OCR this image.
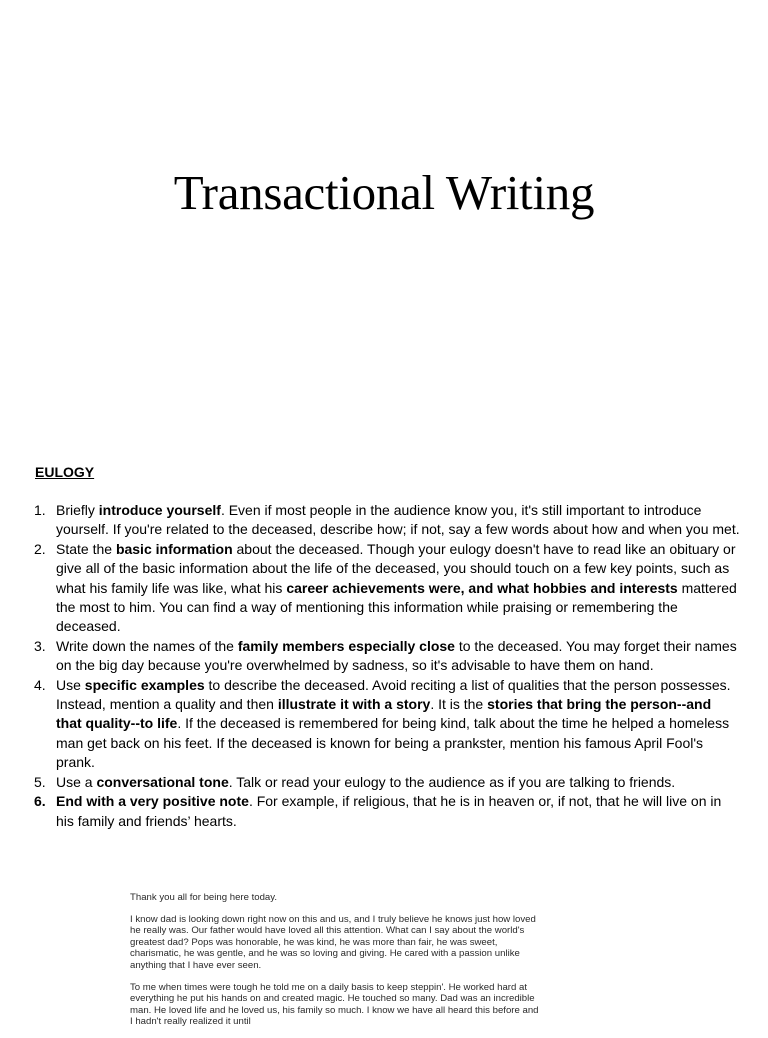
Transactional Writing
EULOGY
1. Briefly introduce yourself. Even if most people in the audience know you, it's still important to introduce yourself. If you're related to the deceased, describe how; if not, say a few words about how and when you met.
2. State the basic information about the deceased. Though your eulogy doesn't have to read like an obituary or give all of the basic information about the life of the deceased, you should touch on a few key points, such as what his family life was like, what his career achievements were, and what hobbies and interests mattered the most to him. You can find a way of mentioning this information while praising or remembering the deceased.
3. Write down the names of the family members especially close to the deceased. You may forget their names on the big day because you're overwhelmed by sadness, so it's advisable to have them on hand.
4. Use specific examples to describe the deceased. Avoid reciting a list of qualities that the person possesses. Instead, mention a quality and then illustrate it with a story. It is the stories that bring the person--and that quality--to life. If the deceased is remembered for being kind, talk about the time he helped a homeless man get back on his feet. If the deceased is known for being a prankster, mention his famous April Fool's prank.
5. Use a conversational tone. Talk or read your eulogy to the audience as if you are talking to friends.
6. End with a very positive note. For example, if religious, that he is in heaven or, if not, that he will live on in his family and friends’ hearts.

Thank you all for being here today.

I know dad is looking down right now on this and us, and I truly believe he knows just how loved he really was. Our father would have loved all this attention. What can I say about the world's greatest dad? Pops was honorable, he was kind, he was more than fair, he was sweet, charismatic, he was gentle, and he was so loving and giving. He cared with a passion unlike anything that I have ever seen.

To me when times were tough he told me on a daily basis to keep steppin'. He worked hard at everything he put his hands on and created magic. He touched so many. Dad was an incredible man. He loved life and he loved us, his family so much. I know we have all heard this before and I hadn't really realized it until
